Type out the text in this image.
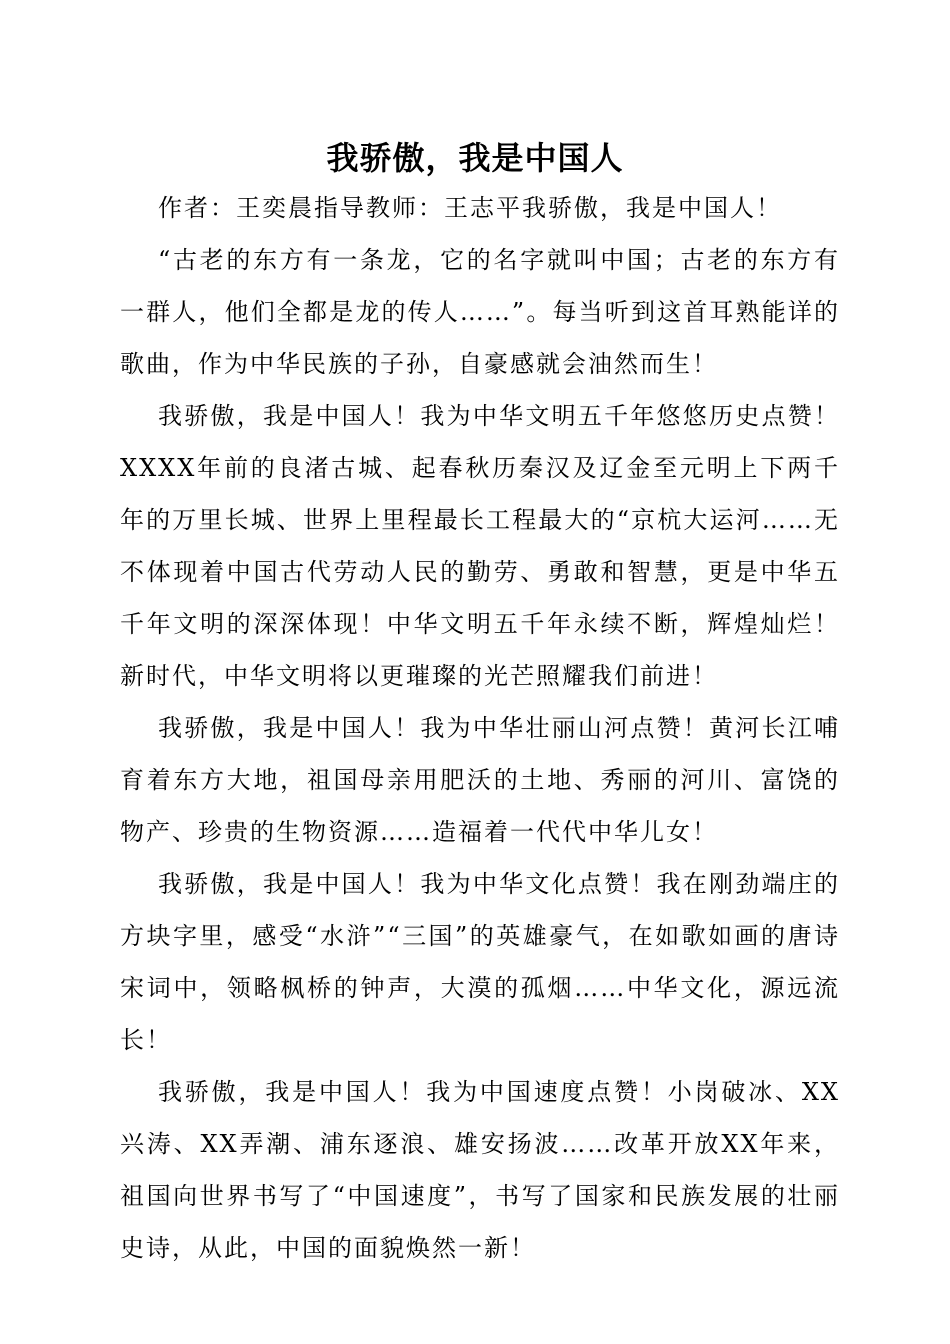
我骄傲，我是中国人

作者：王奕晨指导教师：王志平我骄傲，我是中国人！

“古老的东方有一条龙，它的名字就叫中国；古老的东方有一群人，他们全都是龙的传人……”。每当听到这首耳熟能详的歌曲，作为中华民族的子孙，自豪感就会油然而生！

我骄傲，我是中国人！我为中华文明五千年悠悠历史点赞！XXXX年前的良渚古城、起春秋历秦汉及辽金至元明上下两千年的万里长城、世界上里程最长工程最大的“京杭大运河……无不体现着中国古代劳动人民的勤劳、勇敢和智慧，更是中华五千年文明的深深体现！中华文明五千年永续不断，辉煌灿烂！新时代，中华文明将以更璀璨的光芒照耀我们前进！

我骄傲，我是中国人！我为中华壮丽山河点赞！黄河长江哺育着东方大地，祖国母亲用肥沃的土地、秀丽的河川、富饶的物产、珍贵的生物资源……造福着一代代中华儿女！

我骄傲，我是中国人！我为中华文化点赞！我在刚劲端庄的方块字里，感受“水浒”“三国”的英雄豪气，在如歌如画的唐诗宋词中，领略枫桥的钟声，大漠的孤烟……中华文化，源远流长！

我骄傲，我是中国人！我为中国速度点赞！小岗破冰、XX兴涛、XX弄潮、浦东逐浪、雄安扬波……改革开放XX年来，祖国向世界书写了“中国速度”，书写了国家和民族发展的壮丽史诗，从此，中国的面貌焕然一新！
